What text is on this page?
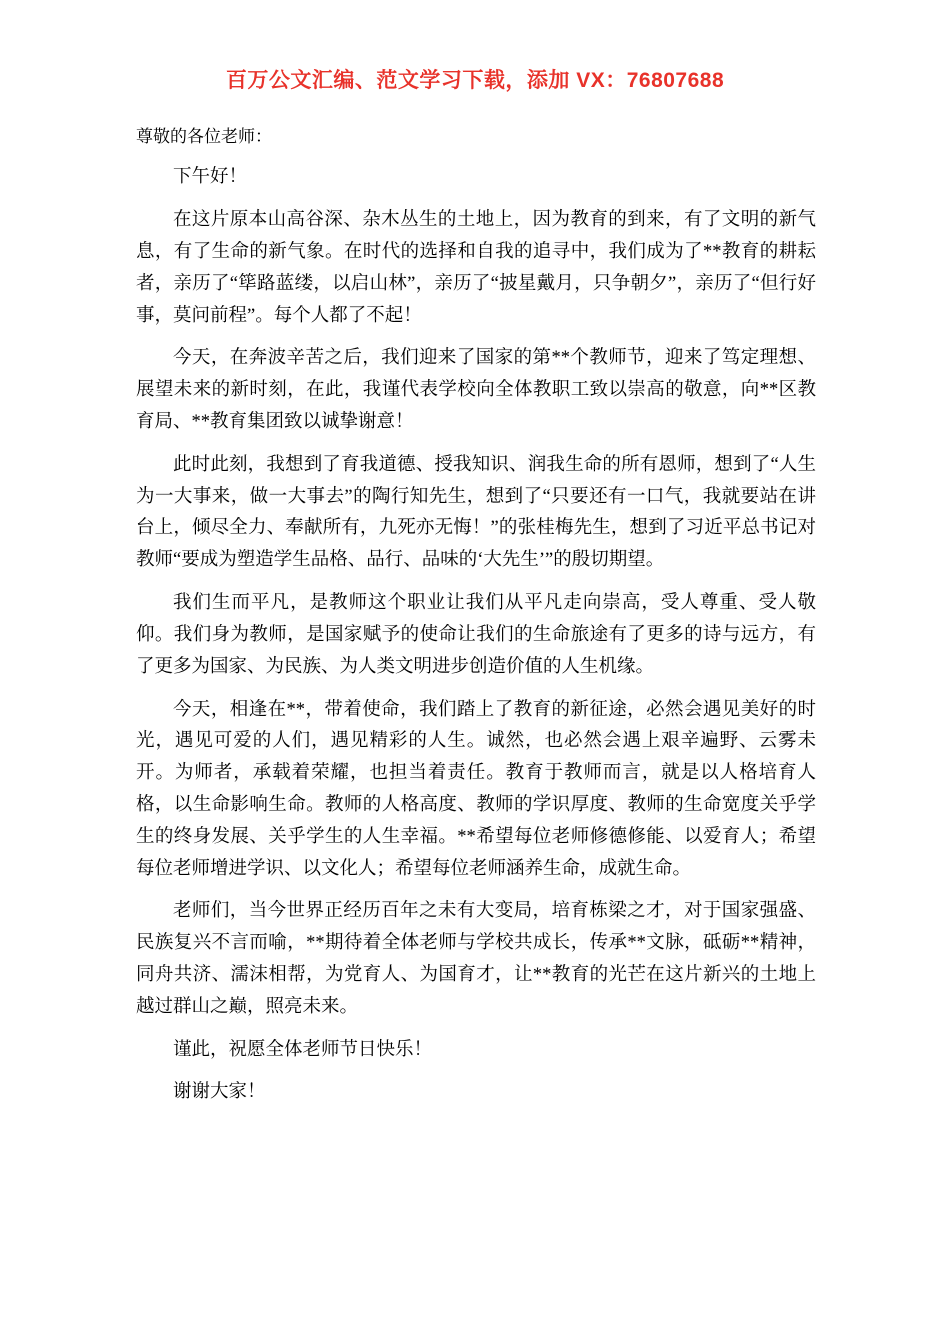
百万公文汇编、范文学习下载，添加 VX：76807688

尊敬的各位老师：

下午好！

在这片原本山高谷深、杂木丛生的土地上，因为教育的到来，有了文明的新气息，有了生命的新气象。在时代的选择和自我的追寻中，我们成为了**教育的耕耘者，亲历了“筚路蓝缕，以启山林”，亲历了“披星戴月，只争朝夕”，亲历了“但行好事，莫问前程”。每个人都了不起！

今天，在奔波辛苦之后，我们迎来了国家的第**个教师节，迎来了笃定理想、展望未来的新时刻，在此，我谨代表学校向全体教职工致以崇高的敬意，向**区教育局、**教育集团致以诚挚谢意！

此时此刻，我想到了育我道德、授我知识、润我生命的所有恩师，想到了“人生为一大事来，做一大事去”的陶行知先生，想到了“只要还有一口气，我就要站在讲台上，倾尽全力、奉献所有，九死亦无悔！”的张桂梅先生，想到了习近平总书记对教师“要成为塑造学生品格、品行、品味的‘大先生’”的殷切期望。

我们生而平凡，是教师这个职业让我们从平凡走向崇高，受人尊重、受人敬仰。我们身为教师，是国家赋予的使命让我们的生命旅途有了更多的诗与远方，有了更多为国家、为民族、为人类文明进步创造价值的人生机缘。

今天，相逢在**，带着使命，我们踏上了教育的新征途，必然会遇见美好的时光，遇见可爱的人们，遇见精彩的人生。诚然，也必然会遇上艰辛遍野、云雾未开。为师者，承载着荣耀，也担当着责任。教育于教师而言，就是以人格培育人格，以生命影响生命。教师的人格高度、教师的学识厚度、教师的生命宽度关乎学生的终身发展、关乎学生的人生幸福。**希望每位老师修德修能、以爱育人；希望每位老师增进学识、以文化人；希望每位老师涵养生命，成就生命。

老师们，当今世界正经历百年之未有大变局，培育栋梁之才，对于国家强盛、民族复兴不言而喻，**期待着全体老师与学校共成长，传承**文脉，砥砺**精神，同舟共济、濡沫相帮，为党育人、为国育才，让**教育的光芒在这片新兴的土地上越过群山之巅，照亮未来。

谨此，祝愿全体老师节日快乐！

谢谢大家！
